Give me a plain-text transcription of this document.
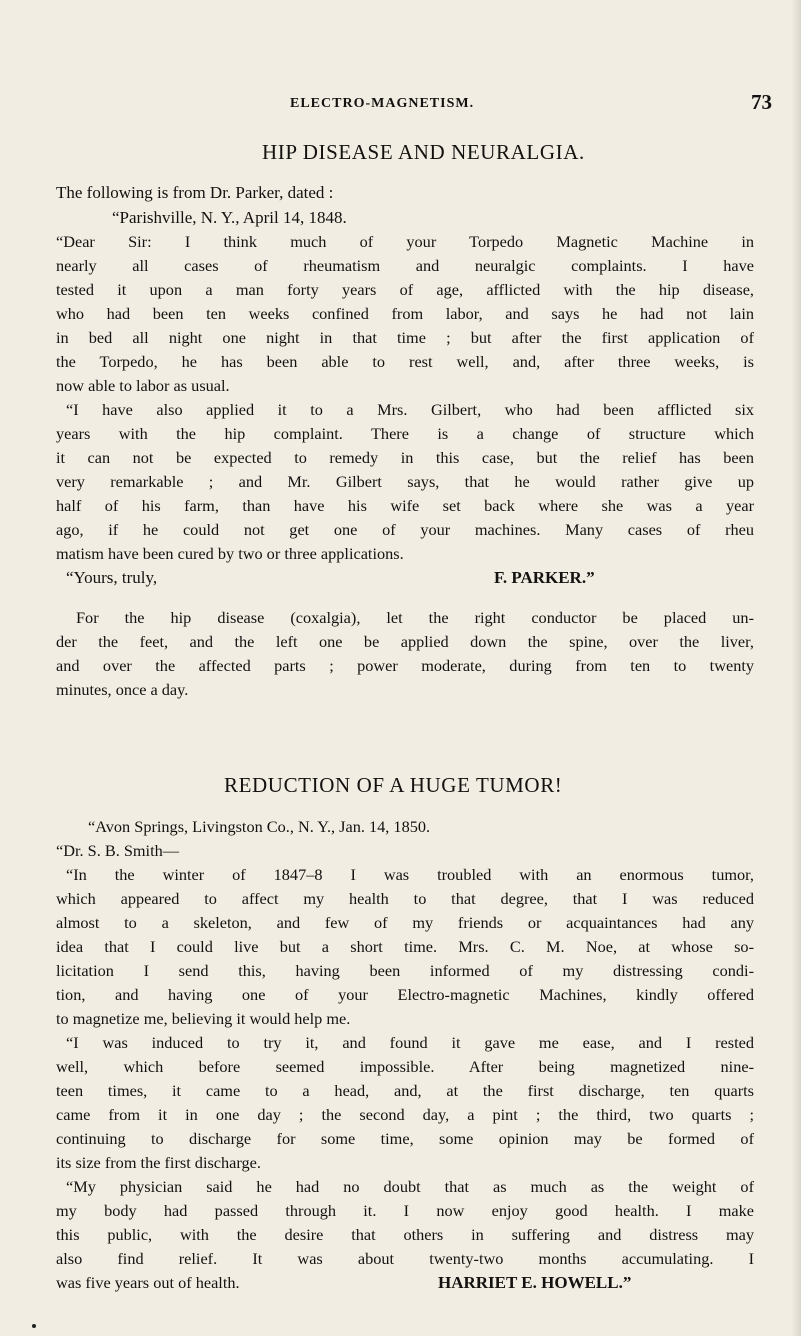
ELECTRO-MAGNETISM.	73
HIP DISEASE AND NEURALGIA.
The following is from Dr. Parker, dated :
“Parishville, N. Y., April 14, 1848.
“Dear Sir: I think much of your Torpedo Magnetic Machine in
nearly all cases of rheumatism and neuralgic complaints. I have
tested it upon a man forty years of age, afflicted with the hip disease,
who had been ten weeks confined from labor, and says he had not lain
in bed all night one night in that time ; but after the first application of
the Torpedo, he has been able to rest well, and, after three weeks, is
now able to labor as usual.
“I have also applied it to a Mrs. Gilbert, who had been afflicted six
years with the hip complaint. There is a change of structure which
it can not be expected to remedy in this case, but the relief has been
very remarkable ; and Mr. Gilbert says, that he would rather give up
half of his farm, than have his wife set back where she was a year
ago, if he could not get one of your machines. Many cases of rheu
matism have been cured by two or three applications.
“Yours, truly,	F. PARKER.”
For the hip disease (coxalgia), let the right conductor be placed un-
der the feet, and the left one be applied down the spine, over the liver,
and over the affected parts ; power moderate, during from ten to twenty
minutes, once a day.
REDUCTION OF A HUGE TUMOR!
“Avon Springs, Livingston Co., N. Y., Jan. 14, 1850.
“Dr. S. B. Smith—
“In the winter of 1847–8 I was troubled with an enormous tumor,
which appeared to affect my health to that degree, that I was reduced
almost to a skeleton, and few of my friends or acquaintances had any
idea that I could live but a short time. Mrs. C. M. Noe, at whose so-
licitation I send this, having been informed of my distressing condi-
tion, and having one of your Electro-magnetic Machines, kindly offered
to magnetize me, believing it would help me.
“I was induced to try it, and found it gave me ease, and I rested
well, which before seemed impossible. After being magnetized nine-
teen times, it came to a head, and, at the first discharge, ten quarts
came from it in one day ; the second day, a pint ; the third, two quarts ;
continuing to discharge for some time, some opinion may be formed of
its size from the first discharge.
“My physician said he had no doubt that as much as the weight of
my body had passed through it. I now enjoy good health. I make
this public, with the desire that others in suffering and distress may
also find relief. It was about twenty-two months accumulating. I
was five years out of health.	HARRIET E. HOWELL.”
